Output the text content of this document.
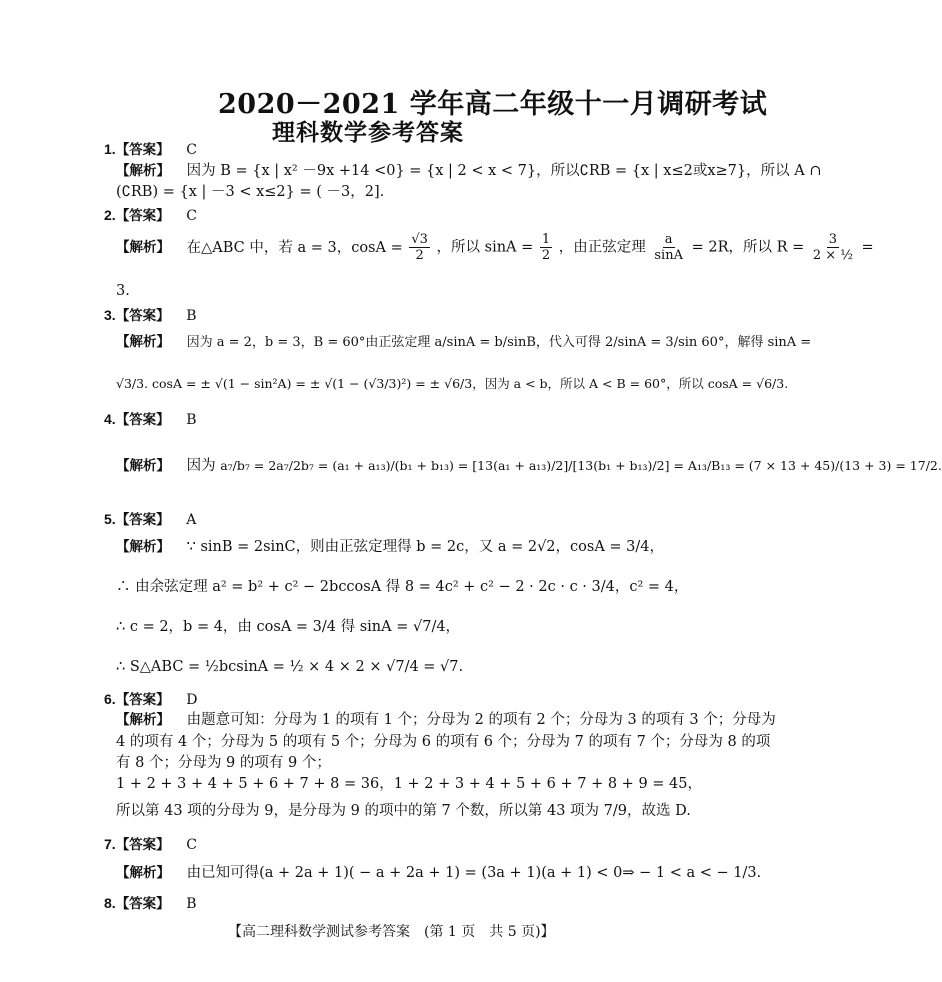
2020－2021 学年高二年级十一月调研考试
理科数学参考答案
1.【答案】 C
【解析】 因为 B = {x | x² －9x +14 <0} = {x | 2 < x < 7}，所以∁RB = {x | x≤2或x≥7}，所以 A ∩
(∁RB) = {x | －3 < x≤2} = ( －3，2].
2.【答案】 C
【解析】 在△ABC 中，若 a = 3，$\cos A = \frac{√3}{2}$ ，所以 $\sin A = \frac{1}{2}$ ，由正弦定理 $\frac{a}{\sin A} = 2R$，所以 $R = \frac{3}{\text{2 × ½}}$ =
3.
3.【答案】 B
【解析】 因为 a = 2，b = 3，B = 60°由正弦定理 a/sinA = b/sinB，代入可得 2/sinA = 3/sin 60°，解得 sinA =
√3/3. cosA = ± √(1 − sin²A) = ± √(1 − (√3/3)²) = ± √6/3，因为 a < b，所以 A < B = 60°，所以 cosA = √6/3.
4.【答案】 B
【解析】 因为 a₇/b₇ = 2a₇/2b₇ = (a₁ + a₁₃)/(b₁ + b₁₃) = [13(a₁ + a₁₃)/2]/[13(b₁ + b₁₃)/2] = A₁₃/B₁₃ = (7 × 13 + 45)/(13 + 3) = 17/2.
5.【答案】 A
【解析】 ∵ sinB = 2sinC，则由正弦定理得 b = 2c，又 a = 2√2，cosA = 3/4，
∴ 由余弦定理 a² = b² + c² − 2bccosA 得 8 = 4c² + c² − 2 · 2c · c · 3/4，c² = 4，
∴ c = 2，b = 4，由 cosA = 3/4 得 sinA = √7/4，
∴ S△ABC = ½bcsinA = ½ × 4 × 2 × √7/4 = √7.
6.【答案】 D
【解析】 由题意可知：分母为 1 的项有 1 个；分母为 2 的项有 2 个；分母为 3 的项有 3 个；分母为
4 的项有 4 个；分母为 5 的项有 5 个；分母为 6 的项有 6 个；分母为 7 的项有 7 个；分母为 8 的项
有 8 个；分母为 9 的项有 9 个；
1 + 2 + 3 + 4 + 5 + 6 + 7 + 8 = 36，1 + 2 + 3 + 4 + 5 + 6 + 7 + 8 + 9 = 45，
所以第 43 项的分母为 9，是分母为 9 的项中的第 7 个数，所以第 43 项为 7/9，故选 D.
7.【答案】 C
【解析】 由已知可得(a + 2a + 1)( − a + 2a + 1) = (3a + 1)(a + 1) < 0⇒ − 1 < a < − 1/3.
8.【答案】 B
【高二理科数学测试参考答案　(第 1 页　共 5 页)】
